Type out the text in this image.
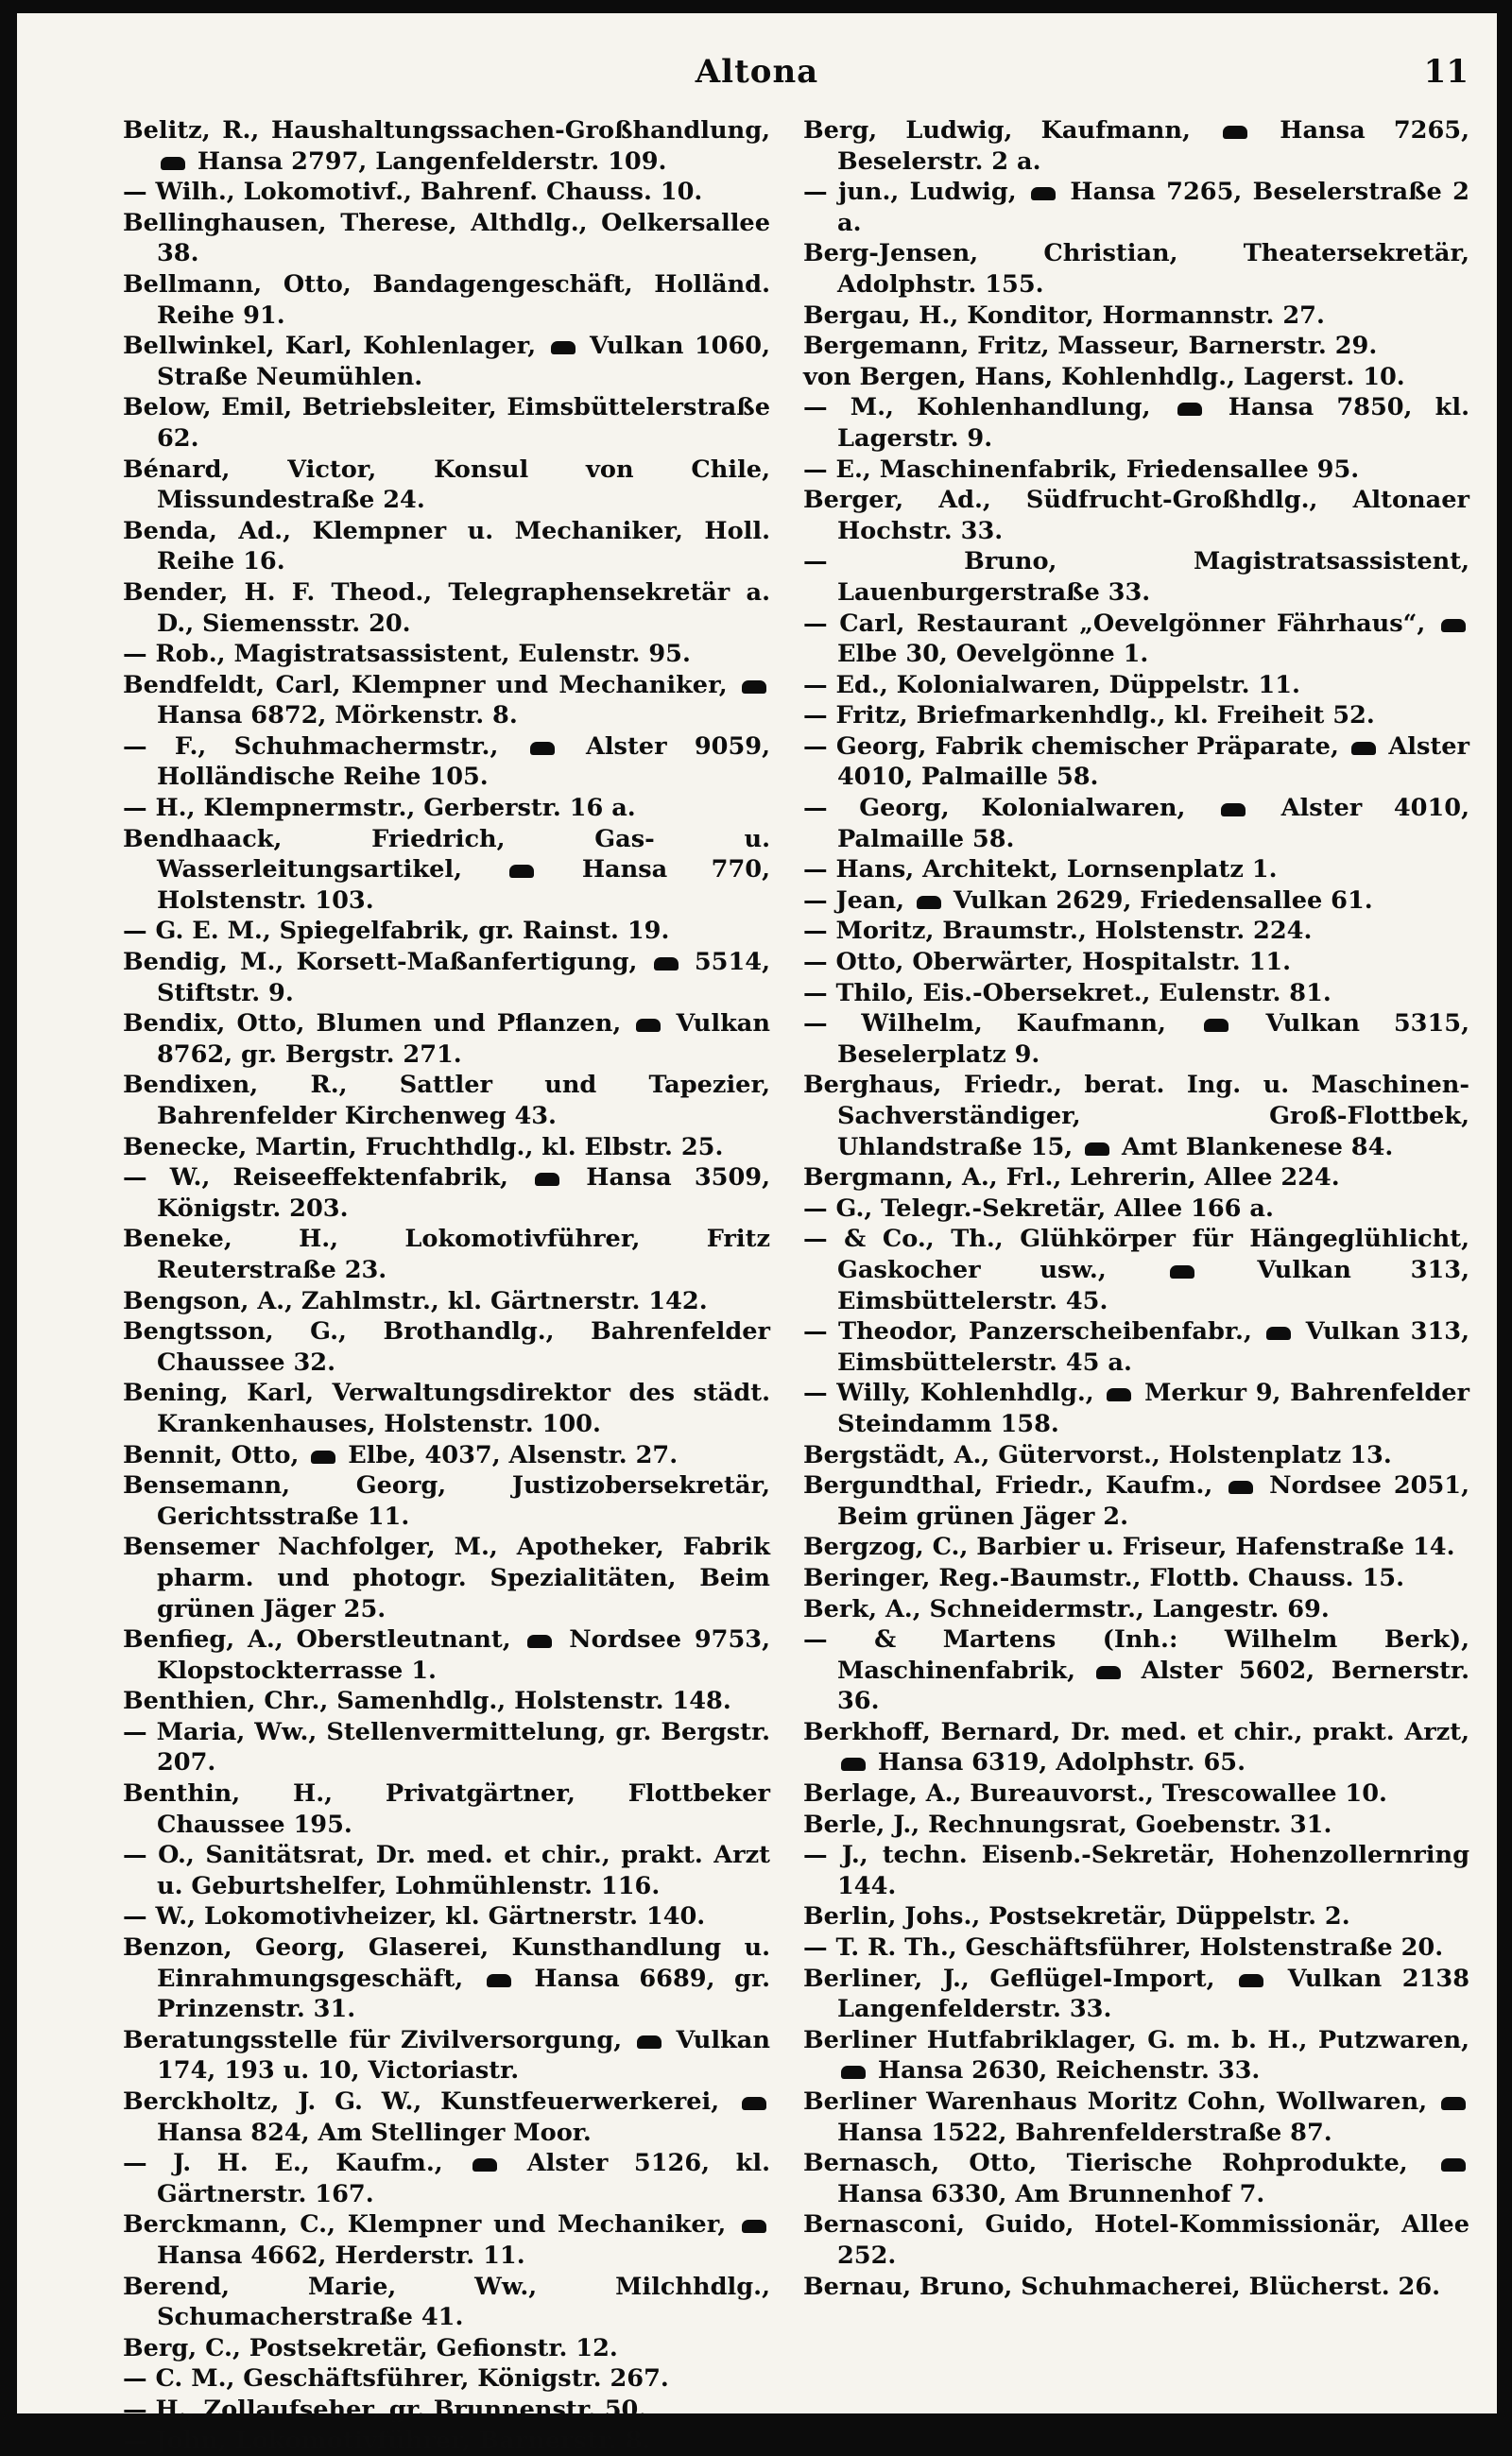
Altona	11
Belitz, R., Haushaltungssachen-Großhandlung,  Hansa 2797, Langenfelderstr. 109.
— Wilh., Lokomotivf., Bahrenf. Chauss. 10.
Bellinghausen, Therese, Althdlg., Oelkersallee 38.
Bellmann, Otto, Bandagengeschäft, Holländ. Reihe 91.
Bellwinkel, Karl, Kohlenlager,  Vulkan 1060, Straße Neumühlen.
Below, Emil, Betriebsleiter, Eimsbüttelerstraße 62.
Bénard, Victor, Konsul von Chile, Missundestraße 24.
Benda, Ad., Klempner u. Mechaniker, Holl. Reihe 16.
Bender, H. F. Theod., Telegraphensekretär a. D., Siemensstr. 20.
— Rob., Magistratsassistent, Eulenstr. 95.
Bendfeldt, Carl, Klempner und Mechaniker,  Hansa 6872, Mörkenstr. 8.
— F., Schuhmachermstr.,  Alster 9059, Holländische Reihe 105.
— H., Klempnermstr., Gerberstr. 16 a.
Bendhaack, Friedrich, Gas- u. Wasserleitungsartikel,  Hansa 770, Holstenstr. 103.
— G. E. M., Spiegelfabrik, gr. Rainst. 19.
Bendig, M., Korsett-Maßanfertigung,  5514, Stiftstr. 9.
Bendix, Otto, Blumen und Pflanzen,  Vulkan 8762, gr. Bergstr. 271.
Bendixen, R., Sattler und Tapezier, Bahrenfelder Kirchenweg 43.
Benecke, Martin, Fruchthdlg., kl. Elbstr. 25.
— W., Reiseeffektenfabrik,  Hansa 3509, Königstr. 203.
Beneke, H., Lokomotivführer, Fritz Reuterstraße 23.
Bengson, A., Zahlmstr., kl. Gärtnerstr. 142.
Bengtsson, G., Brothandlg., Bahrenfelder Chaussee 32.
Bening, Karl, Verwaltungsdirektor des städt. Krankenhauses, Holstenstr. 100.
Bennit, Otto,  Elbe, 4037, Alsenstr. 27.
Bensemann, Georg, Justizobersekretär, Gerichtsstraße 11.
Bensemer Nachfolger, M., Apotheker, Fabrik pharm. und photogr. Spezialitäten, Beim grünen Jäger 25.
Benfieg, A., Oberstleutnant,  Nordsee 9753, Klopstockterrasse 1.
Benthien, Chr., Samenhdlg., Holstenstr. 148.
— Maria, Ww., Stellenvermittelung, gr. Bergstr. 207.
Benthin, H., Privatgärtner, Flottbeker Chaussee 195.
— O., Sanitätsrat, Dr. med. et chir., prakt. Arzt u. Geburtshelfer, Lohmühlenstr. 116.
— W., Lokomotivheizer, kl. Gärtnerstr. 140.
Benzon, Georg, Glaserei, Kunsthandlung u. Einrahmungsgeschäft,  Hansa 6689, gr. Prinzenstr. 31.
Beratungsstelle für Zivilversorgung,  Vulkan 174, 193 u. 10, Victoriastr.
Berckholtz, J. G. W., Kunstfeuerwerkerei,  Hansa 824, Am Stellinger Moor.
— J. H. E., Kaufm.,  Alster 5126, kl. Gärtnerstr. 167.
Berckmann, C., Klempner und Mechaniker,  Hansa 4662, Herderstr. 11.
Berend, Marie, Ww., Milchhdlg., Schumacherstraße 41.
Berg, C., Postsekretär, Gefionstr. 12.
— C. M., Geschäftsführer, Königstr. 267.
— H., Zollaufseher, gr. Brunnenstr. 50.
— John, Lokomotivführer, Barnerstr. 8.
Berg, Ludwig, Kaufmann,  Hansa 7265, Beselerstr. 2 a.
— jun., Ludwig,  Hansa 7265, Beselerstraße 2 a.
Berg-Jensen, Christian, Theatersekretär, Adolphstr. 155.
Bergau, H., Konditor, Hormannstr. 27.
Bergemann, Fritz, Masseur, Barnerstr. 29.
von Bergen, Hans, Kohlenhdlg., Lagerst. 10.
— M., Kohlenhandlung,  Hansa 7850, kl. Lagerstr. 9.
— E., Maschinenfabrik, Friedensallee 95.
Berger, Ad., Südfrucht-Großhdlg., Altonaer Hochstr. 33.
— Bruno, Magistratsassistent, Lauenburgerstraße 33.
— Carl, Restaurant „Oevelgönner Fährhaus“,  Elbe 30, Oevelgönne 1.
— Ed., Kolonialwaren, Düppelstr. 11.
— Fritz, Briefmarkenhdlg., kl. Freiheit 52.
— Georg, Fabrik chemischer Präparate,  Alster 4010, Palmaille 58.
— Georg, Kolonialwaren,  Alster 4010, Palmaille 58.
— Hans, Architekt, Lornsenplatz 1.
— Jean,  Vulkan 2629, Friedensallee 61.
— Moritz, Braumstr., Holstenstr. 224.
— Otto, Oberwärter, Hospitalstr. 11.
— Thilo, Eis.-Obersekret., Eulenstr. 81.
— Wilhelm, Kaufmann,  Vulkan 5315, Beselerplatz 9.
Berghaus, Friedr., berat. Ing. u. Maschinen-Sachverständiger, Groß-Flottbek, Uhlandstraße 15,  Amt Blankenese 84.
Bergmann, A., Frl., Lehrerin, Allee 224.
— G., Telegr.-Sekretär, Allee 166 a.
— & Co., Th., Glühkörper für Hängeglühlicht, Gaskocher usw.,  Vulkan 313, Eimsbüttelerstr. 45.
— Theodor, Panzerscheibenfabr.,  Vulkan 313, Eimsbüttelerstr. 45 a.
— Willy, Kohlenhdlg.,  Merkur 9, Bahrenfelder Steindamm 158.
Bergstädt, A., Gütervorst., Holstenplatz 13.
Bergundthal, Friedr., Kaufm.,  Nordsee 2051, Beim grünen Jäger 2.
Bergzog, C., Barbier u. Friseur, Hafenstraße 14.
Beringer, Reg.-Baumstr., Flottb. Chauss. 15.
Berk, A., Schneidermstr., Langestr. 69.
— & Martens (Inh.: Wilhelm Berk), Maschinenfabrik,  Alster 5602, Bernerstr. 36.
Berkhoff, Bernard, Dr. med. et chir., prakt. Arzt,  Hansa 6319, Adolphstr. 65.
Berlage, A., Bureauvorst., Trescowallee 10.
Berle, J., Rechnungsrat, Goebenstr. 31.
— J., techn. Eisenb.-Sekretär, Hohenzollernring 144.
Berlin, Johs., Postsekretär, Düppelstr. 2.
— T. R. Th., Geschäftsführer, Holstenstraße 20.
Berliner, J., Geflügel-Import,  Vulkan 2138 Langenfelderstr. 33.
Berliner Hutfabriklager, G. m. b. H., Putzwaren,  Hansa 2630, Reichenstr. 33.
Berliner Warenhaus Moritz Cohn, Wollwaren,  Hansa 1522, Bahrenfelderstraße 87.
Bernasch, Otto, Tierische Rohprodukte,  Hansa 6330, Am Brunnenhof 7.
Bernasconi, Guido, Hotel-Kommissionär, Allee 252.
Bernau, Bruno, Schuhmacherei, Blücherst. 26.
